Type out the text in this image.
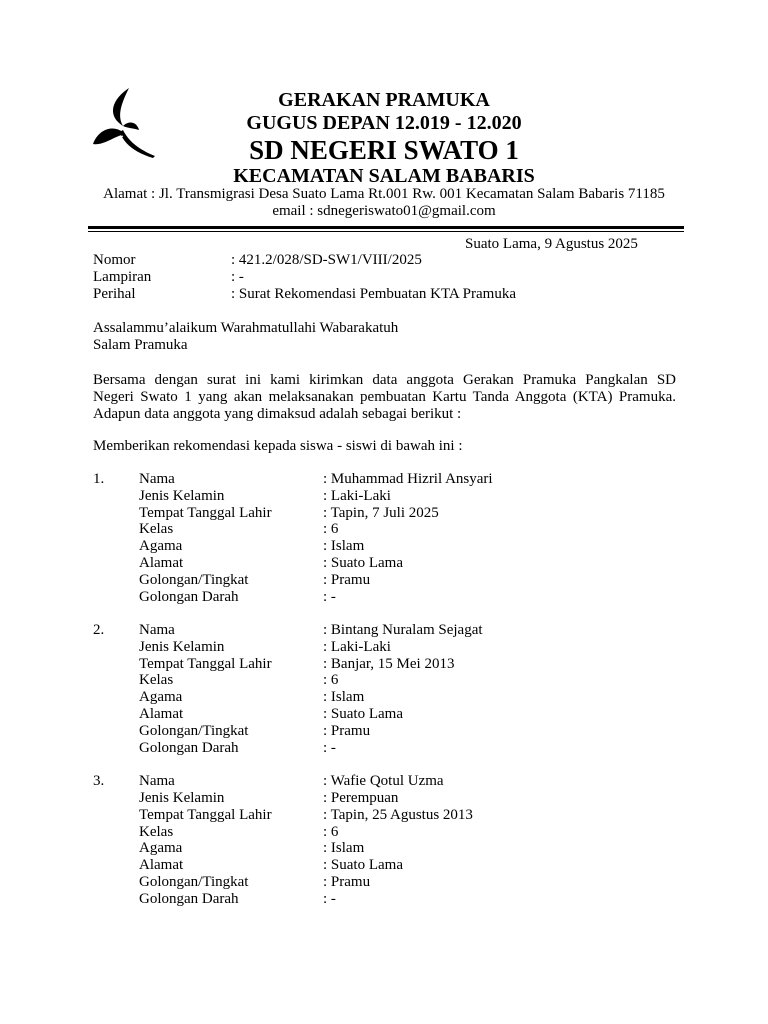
GERAKAN PRAMUKA
GUGUS DEPAN 12.019 - 12.020
SD NEGERI SWATO 1
KECAMATAN SALAM BABARIS
Alamat : Jl. Transmigrasi Desa Suato Lama Rt.001 Rw. 001 Kecamatan Salam Babaris 71185
email : sdnegeriswato01@gmail.com
Suato Lama, 9 Agustus 2025
Nomor	: 421.2/028/SD-SW1/VIII/2025
Lampiran	: -
Perihal	: Surat Rekomendasi Pembuatan KTA Pramuka
Assalammu’alaikum Warahmatullahi Wabarakatuh
Salam Pramuka
Bersama dengan surat ini kami kirimkan data anggota Gerakan Pramuka Pangkalan SD
Negeri Swato 1 yang akan melaksanakan pembuatan Kartu Tanda Anggota (KTA) Pramuka.
Adapun data anggota yang dimaksud adalah sebagai berikut :
Memberikan rekomendasi kepada siswa - siswi di bawah ini :
1. Nama	: Muhammad Hizril Ansyari
Jenis Kelamin	: Laki-Laki
Tempat Tanggal Lahir	: Tapin, 7 Juli 2025
Kelas	: 6
Agama	: Islam
Alamat	: Suato Lama
Golongan/Tingkat	: Pramu
Golongan Darah	: -
2. Nama	: Bintang Nuralam Sejagat
Jenis Kelamin	: Laki-Laki
Tempat Tanggal Lahir	: Banjar, 15 Mei 2013
Kelas	: 6
Agama	: Islam
Alamat	: Suato Lama
Golongan/Tingkat	: Pramu
Golongan Darah	: -
3. Nama	: Wafie Qotul Uzma
Jenis Kelamin	: Perempuan
Tempat Tanggal Lahir	: Tapin, 25 Agustus 2013
Kelas	: 6
Agama	: Islam
Alamat	: Suato Lama
Golongan/Tingkat	: Pramu
Golongan Darah	: -
